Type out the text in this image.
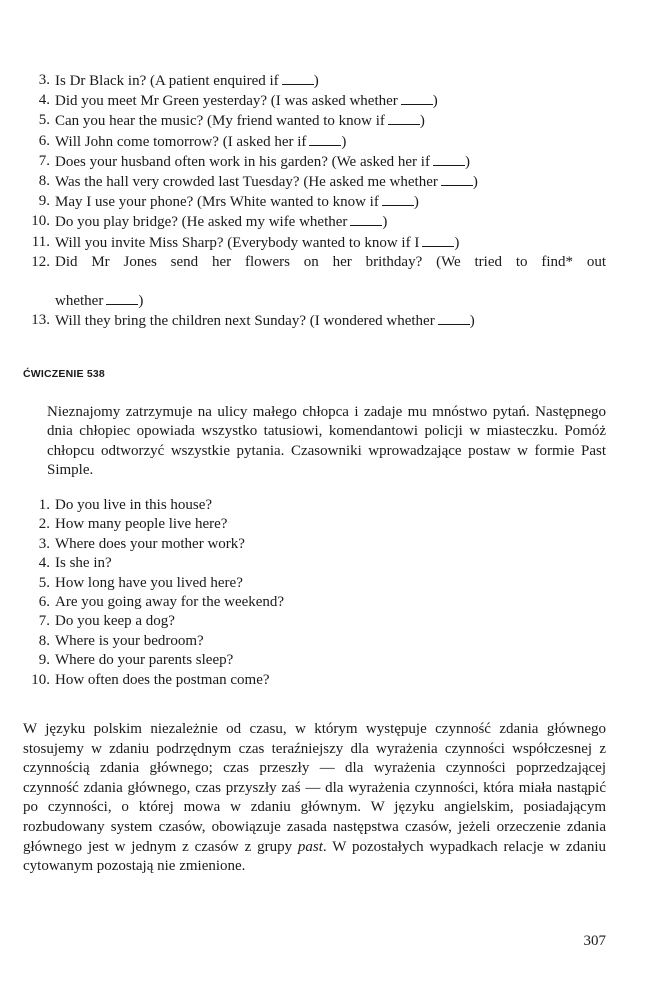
3. Is Dr Black in? (A patient enquired if )
4. Did you meet Mr Green yesterday? (I was asked whether )
5. Can you hear the music? (My friend wanted to know if )
6. Will John come tomorrow? (I asked her if )
7. Does your husband often work in his garden? (We asked her if )
8. Was the hall very crowded last Tuesday? (He asked me whether )
9. May I use your phone? (Mrs White wanted to know if )
10. Do you play bridge? (He asked my wife whether )
11. Will you invite Miss Sharp? (Everybody wanted to know if I )
12. Did Mr Jones send her flowers on her brithday? (We tried to find* out
whether )
13. Will they bring the children next Sunday? (I wondered whether )
ĆWICZENIE 538

Nieznajomy zatrzymuje na ulicy małego chłopca i zadaje mu mnóstwo pytań. Następnego dnia chłopiec opowiada wszystko tatusiowi, komendantowi policji w miasteczku. Pomóż chłopcu odtworzyć wszystkie pytania. Czasowniki wprowadzające postaw w formie Past Simple.

1. Do you live in this house?
2. How many people live here?
3. Where does your mother work?
4. Is she in?
5. How long have you lived here?
6. Are you going away for the weekend?
7. Do you keep a dog?
8. Where is your bedroom?
9. Where do your parents sleep?
10. How often does the postman come?

W języku polskim niezależnie od czasu, w którym występuje czynność zdania głównego stosujemy w zdaniu podrzędnym czas teraźniejszy dla wyrażenia czynności współczesnej z czynnością zdania głównego; czas przeszły — dla wyrażenia czynności poprzedzającej czynność zdania głównego, czas przyszły zaś — dla wyrażenia czynności, która miała nastąpić po czynności, o której mowa w zdaniu głównym. W języku angielskim, posiadającym rozbudowany system czasów, obowiązuje zasada następstwa czasów, jeżeli orzeczenie zdania głównego jest w jednym z czasów z grupy past. W pozostałych wypadkach relacje w zdaniu cytowanym pozostają nie zmienione.

307
